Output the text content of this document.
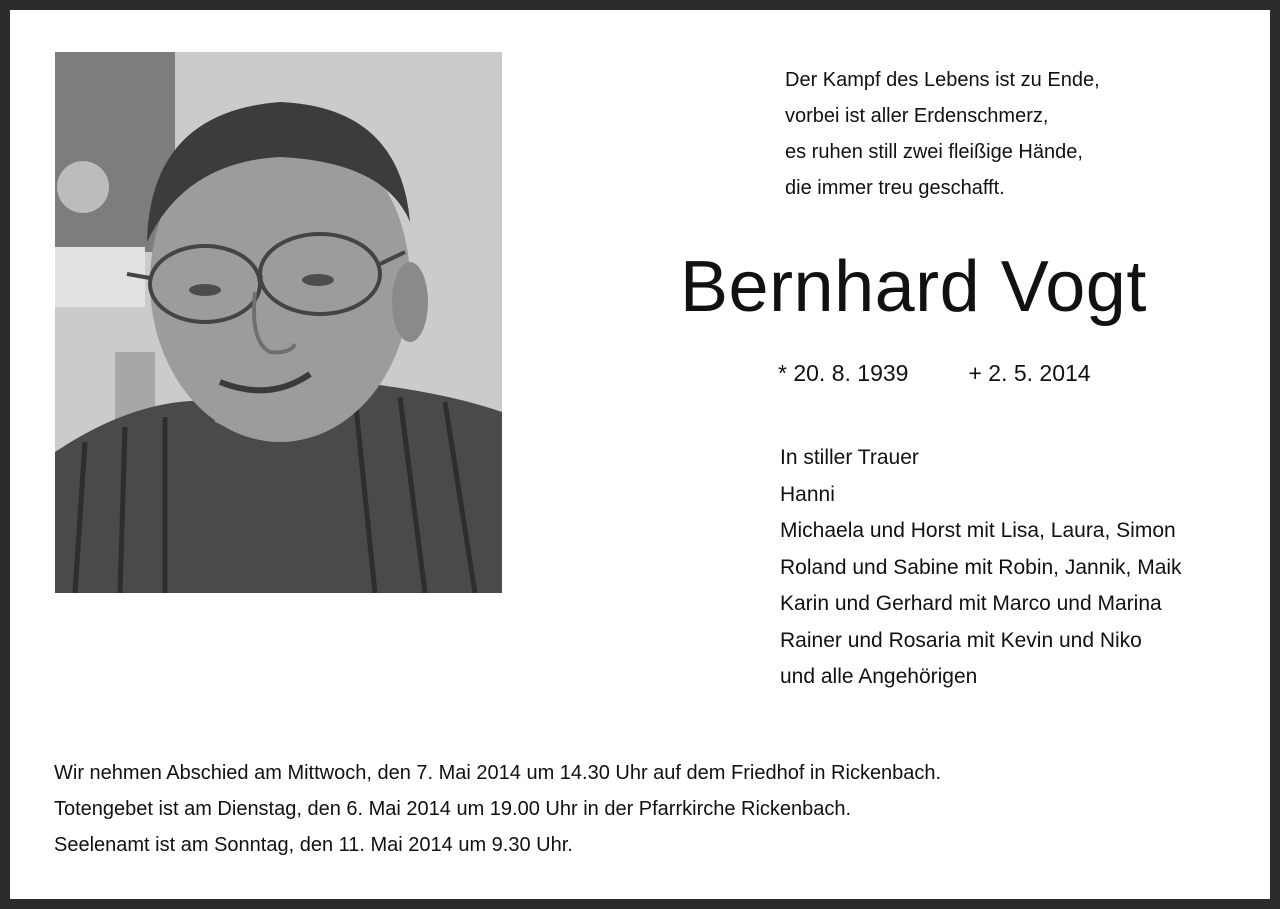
Der Kampf des Lebens ist zu Ende,
vorbei ist aller Erdenschmerz,
es ruhen still zwei fleißige Hände,
die immer treu geschafft.
Bernhard Vogt
* 20. 8. 1939	+ 2. 5. 2014
In stiller Trauer
Hanni
Michaela und Horst mit Lisa, Laura, Simon
Roland und Sabine mit Robin, Jannik, Maik
Karin und Gerhard mit Marco und Marina
Rainer und Rosaria mit Kevin und Niko
und alle Angehörigen
Wir nehmen Abschied am Mittwoch, den 7. Mai 2014 um 14.30 Uhr auf dem Friedhof in Rickenbach.
Totengebet ist am Dienstag, den 6. Mai 2014 um 19.00 Uhr in der Pfarrkirche Rickenbach.
Seelenamt ist am Sonntag, den 11. Mai 2014 um 9.30 Uhr.
